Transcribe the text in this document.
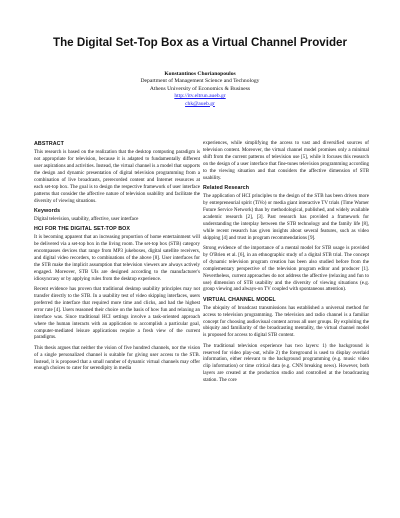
The Digital Set-Top Box as a Virtual Channel Provider
Konstantinos Chorianopoulos
Department of Management Science and Technology
Athens University of Economics & Business
http://itv.eltrun.aueb.gr
chk@aueb.gr
ABSTRACT

This research is based on the realization that the desktop computing paradigm is not appropriate for television, because it is adapted to fundamentally different user aspirations and activities. Instead, the virtual channel is a model that supports the design and dynamic presentation of digital television programming from a combination of live broadcasts, prerecorded content and Internet resources at each set-top box. The goal is to design the respective framework of user interface patterns that consider the affective nature of television usability and facilitate the diversity of viewing situations.

Keywords

Digital television, usability, affective, user interface

HCI FOR THE DIGITAL SET-TOP BOX

It is becoming apparent that an increasing proportion of home entertainment will be delivered via a set-top box in the living room. The set-top box (STB) category encompasses devices that range from MP3 jukeboxes, digital satellite receivers, and digital video recorders, to combinations of the above [8]. User interfaces for the STB make the implicit assumption that television viewers are always actively engaged. Moreover, STB UIs are designed according to the manufacturer's idiosyncrasy or by applying rules from the desktop experience.

Recent evidence has proven that traditional desktop usability principles may not transfer directly to the STB. In a usability test of video skipping interfaces, users preferred the interface that required more time and clicks, and had the highest error rate [4]. Users reasoned their choice on the basis of how fun and relaxing an interface was. Since traditional HCI settings involve a task-oriented approach where the human interacts with an application to accomplish a particular goal, computer-mediated leisure applications require a fresh view of the current paradigms.

This thesis argues that neither the vision of five hundred channels, nor the vision of a single personalized channel is suitable for giving user access to the STB. Instead, it is proposed that a small number of dynamic virtual channels may offer enough choices to cater for serendipity in media

experiences, while simplifying the access to vast and diversified sources of television content. Moreover, the virtual channel model promises only a minimal shift from the current patterns of television use [5], while it focuses this research on the design of a user interface that fine-tunes television programming according to the viewing situation and that considers the affective dimension of STB usability.

Related Research

The application of HCI principles to the design of the STB has been driven more by entrepreneurial spirit (TiVo) or media giant interactive TV trials (Time Warner Future Service Network) than by methodological, published, and widely available academic research [2], [3]. Past research has provided a framework for understanding the interplay between the STB technology and the family life [8], while recent research has given insights about several features, such as video skipping [4] and trust in program recommendations [9].

Strong evidence of the importance of a mental model for STB usage is provided by O'Brien et al. [6], in an ethnographic study of a digital STB trial. The concept of dynamic television program creation has been also studied before from the complementary perspective of the television program editor and producer [1]. Nevertheless, current approaches do not address the affective (relaxing and fun to use) dimension of STB usability and the diversity of viewing situations (e.g. group viewing and always-on TV coupled with spontaneous attention).

VIRTUAL CHANNEL MODEL

The ubiquity of broadcast transmissions has established a universal method for access to television programming. The television and radio channel is a familiar concept for choosing audiovisual content across all user groups. By exploiting the ubiquity and familiarity of the broadcasting mentality, the virtual channel model is proposed for access to digital STB content.

The traditional television experience has two layers: 1) the background is reserved for video play-out, while 2) the foreground is used to display overlaid information, either relevant to the background programming (e.g. music video clip information) or time critical data (e.g. CNN breaking news). However, both layers are created at the production studio and controlled at the broadcasting station. The core
